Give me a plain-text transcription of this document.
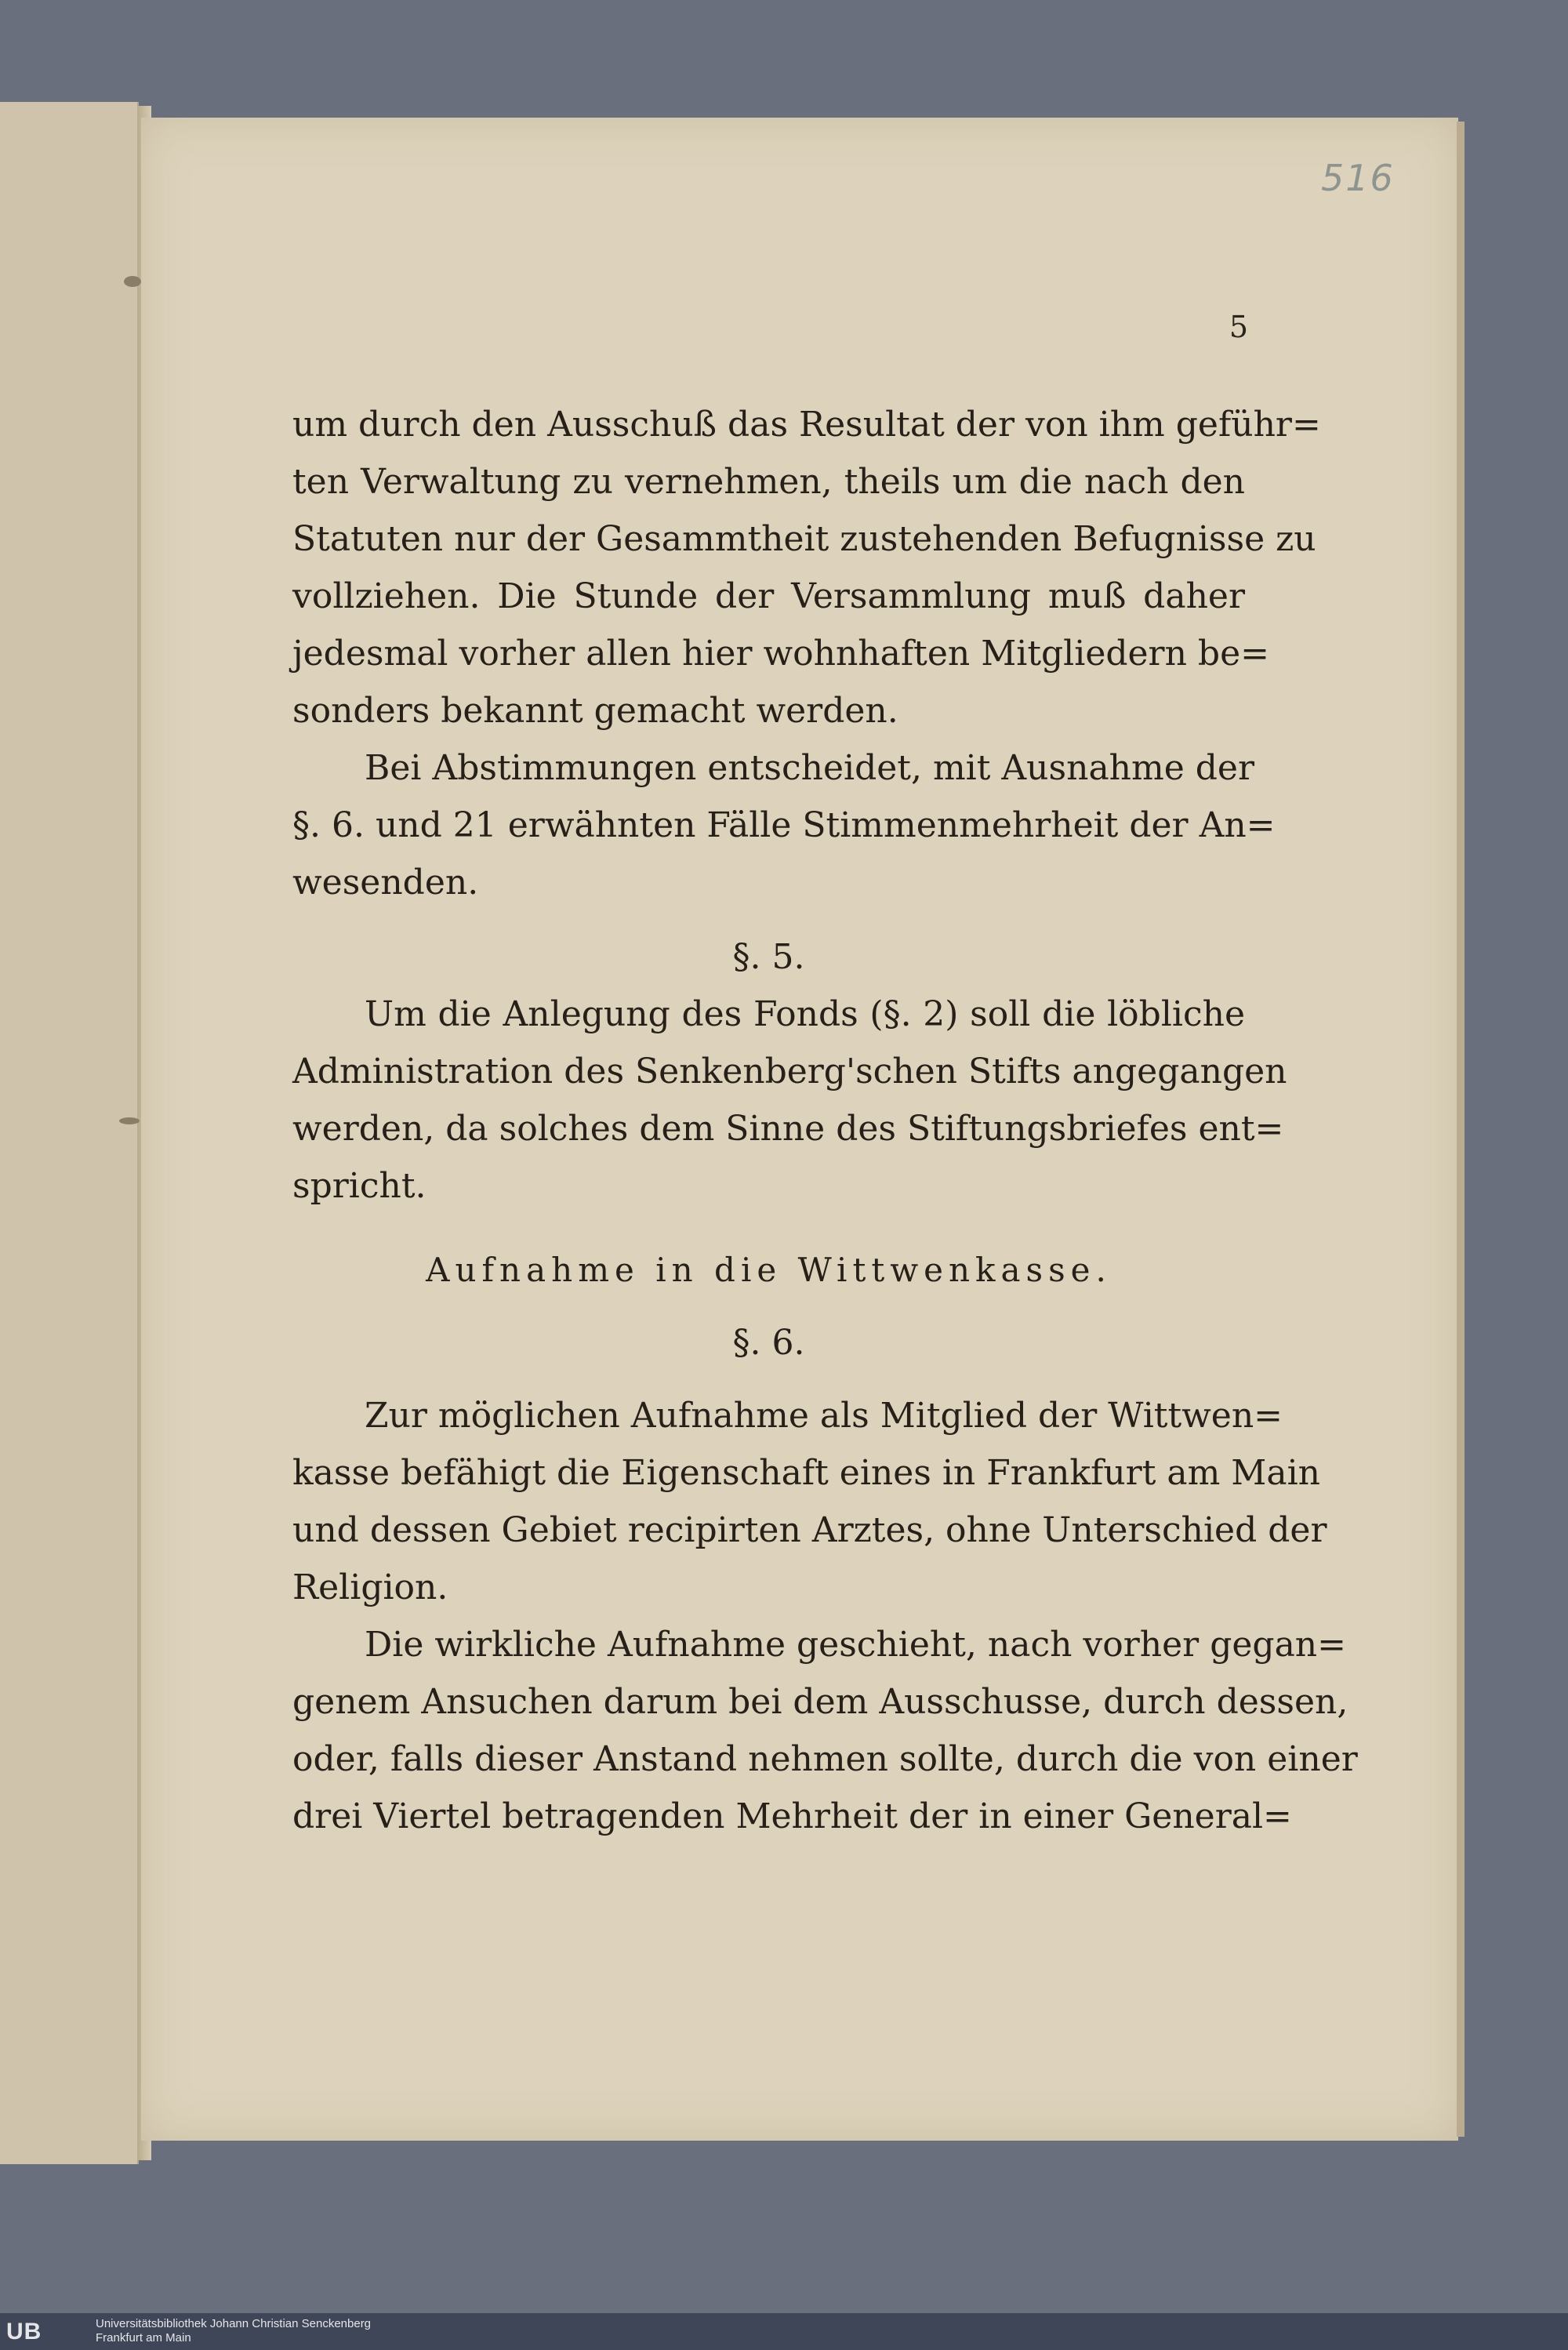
516
5
um durch den Ausschuß das Resultat der von ihm geführ=
ten Verwaltung zu vernehmen, theils um die nach den
Statuten nur der Gesammtheit zustehenden Befugnisse zu
vollziehen. Die Stunde der Versammlung muß daher
jedesmal vorher allen hier wohnhaften Mitgliedern be=
sonders bekannt gemacht werden.
Bei Abstimmungen entscheidet, mit Ausnahme der
§. 6. und 21 erwähnten Fälle Stimmenmehrheit der An=
wesenden.
§. 5.
Um die Anlegung des Fonds (§. 2) soll die löbliche
Administration des Senkenberg'schen Stifts angegangen
werden, da solches dem Sinne des Stiftungsbriefes ent=
spricht.
Aufnahme in die Wittwenkasse.
§. 6.
Zur möglichen Aufnahme als Mitglied der Wittwen=
kasse befähigt die Eigenschaft eines in Frankfurt am Main
und dessen Gebiet recipirten Arztes, ohne Unterschied der
Religion.
Die wirkliche Aufnahme geschieht, nach vorher gegan=
genem Ansuchen darum bei dem Ausschusse, durch dessen,
oder, falls dieser Anstand nehmen sollte, durch die von einer
drei Viertel betragenden Mehrheit der in einer General=
UB	Universitätsbibliothek Johann Christian Senckenberg
Frankfurt am Main
